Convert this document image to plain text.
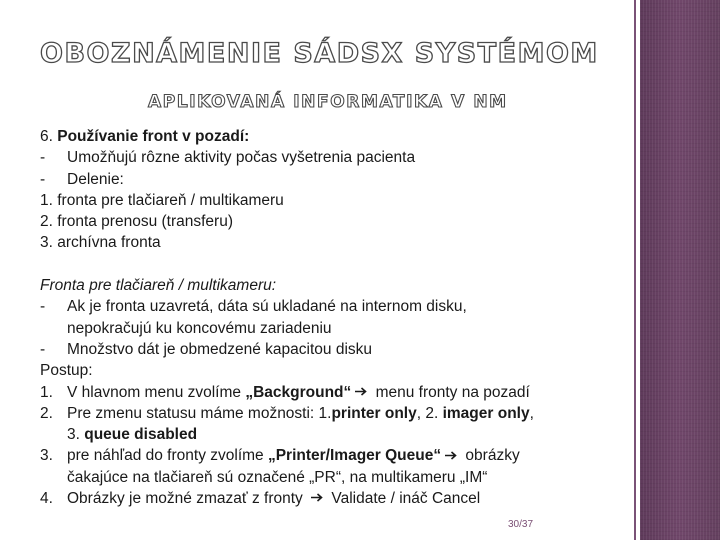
OBOZNÁMENIE SÁDSX SYSTÉMOM
APLIKOVANÁ INFORMATIKA V NM
6. Používanie front v pozadí:
- Umožňujú rôzne aktivity počas vyšetrenia pacienta
- Delenie:
1. fronta pre tlačiareň / multikameru
2. fronta prenosu (transferu)
3. archívna fronta
Fronta pre tlačiareň / multikameru:
- Ak je fronta uzavretá, dáta sú ukladané na internom disku,
nepokračujú ku koncovému zariadeniu
- Množstvo dát je obmedzené kapacitou disku
Postup:
1. V hlavnom menu zvolíme „Background“ menu fronty na pozadí
2. Pre zmenu statusu máme možnosti: 1.printer only, 2. imager only,
3. queue disabled
3. pre náhľad do fronty zvolíme „Printer/Imager Queue“ obrázky
čakajúce na tlačiareň sú označené „PR“, na multikameru „IM“
4. Obrázky je možné zmazať z fronty  Validate / ináč Cancel
30/37
